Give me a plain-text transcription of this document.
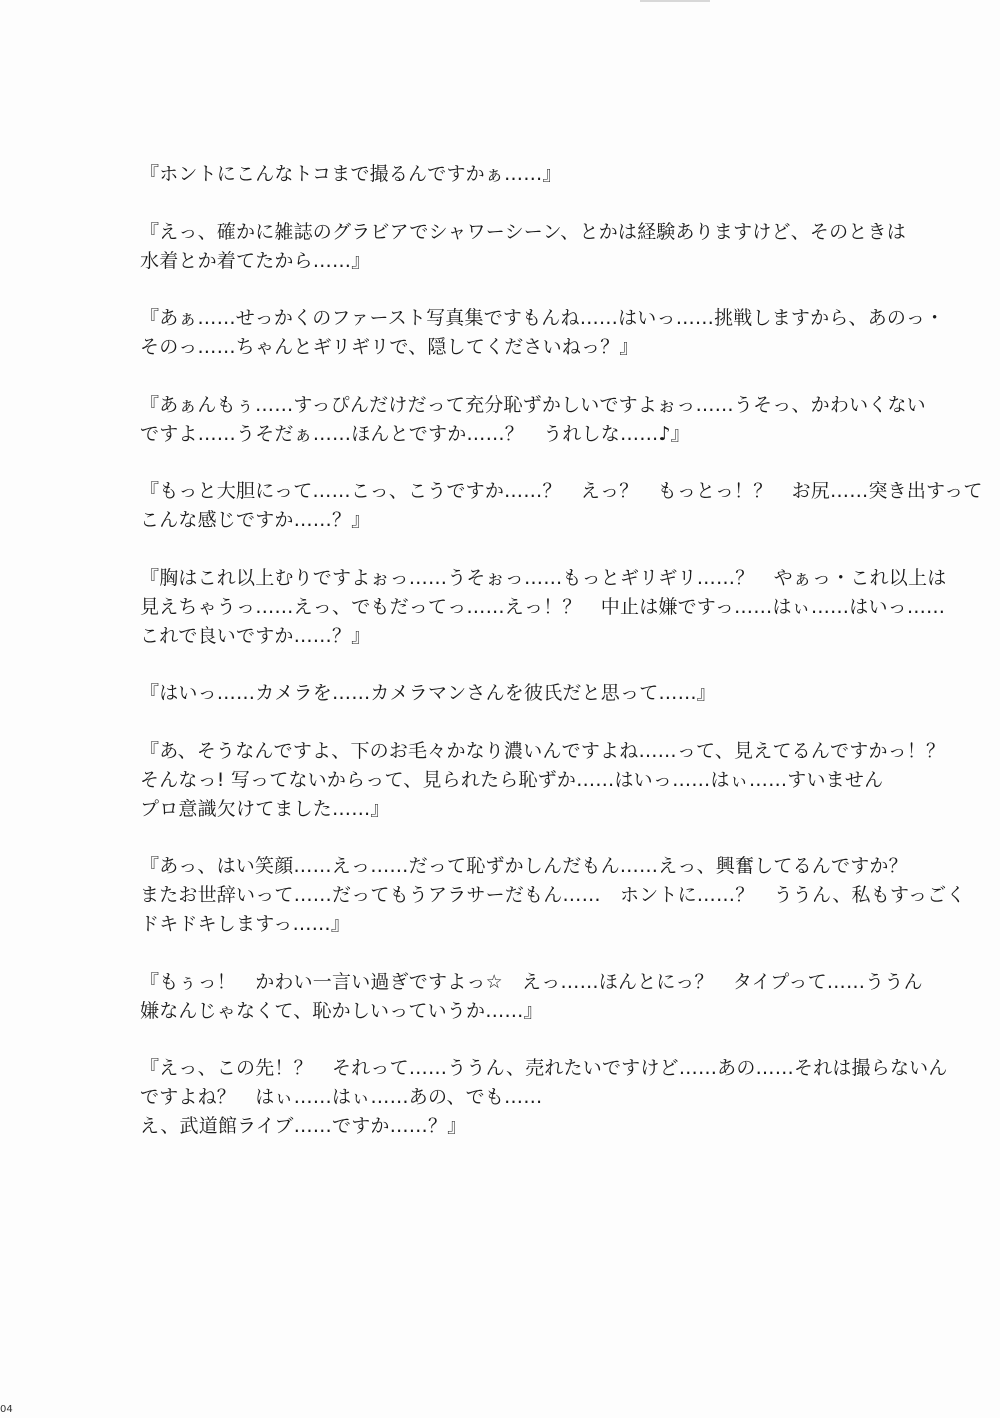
『ホントにこんなトコまで撮るんですかぁ……』

『えっ、確かに雑誌のグラビアでシャワーシーン、とかは経験ありますけど、そのときは
水着とか着てたから……』

『あぁ……せっかくのファースト写真集ですもんね……はいっ……挑戦しますから、あのっ・
そのっ……ちゃんとギリギリで、隠してくださいねっ？』

『あぁんもぅ……すっぴんだけだって充分恥ずかしいですよぉっ……うそっ、かわいくない
ですよ……うそだぁ……ほんとですか……？　うれしな……♪』

『もっと大胆にって……こっ、こうですか……？　えっ？　もっとっ！？　お尻……突き出すって
こんな感じですか……？』

『胸はこれ以上むりですよぉっ……うそぉっ……もっとギリギリ……？　やぁっ・これ以上は
見えちゃうっ……えっ、でもだってっ……えっ！？　中止は嫌ですっ……はぃ……はいっ……
これで良いですか……？』

『はいっ……カメラを……カメラマンさんを彼氏だと思って……』

『あ、そうなんですよ、下のお毛々かなり濃いんですよね……って、見えてるんですかっ！？
そんなっ! 写ってないからって、見られたら恥ずか……はいっ……はぃ……すいません
プロ意識欠けてました……』

『あっ、はい笑顔……えっ……だって恥ずかしんだもん……えっ、興奮してるんですか？
またお世辞いって……だってもうアラサーだもん……　ホントに……？　ううん、私もすっごく
ドキドキしますっ……』

『もぅっ！　かわい一言い過ぎですよっ☆　えっ……ほんとにっ？　タイプって……ううん
嫌なんじゃなくて、恥かしいっていうか……』

『えっ、この先！？　それって……ううん、売れたいですけど……あの……それは撮らないん
ですよね？　はぃ……はぃ……あの、でも……
え、武道館ライブ……ですか……？』

04
